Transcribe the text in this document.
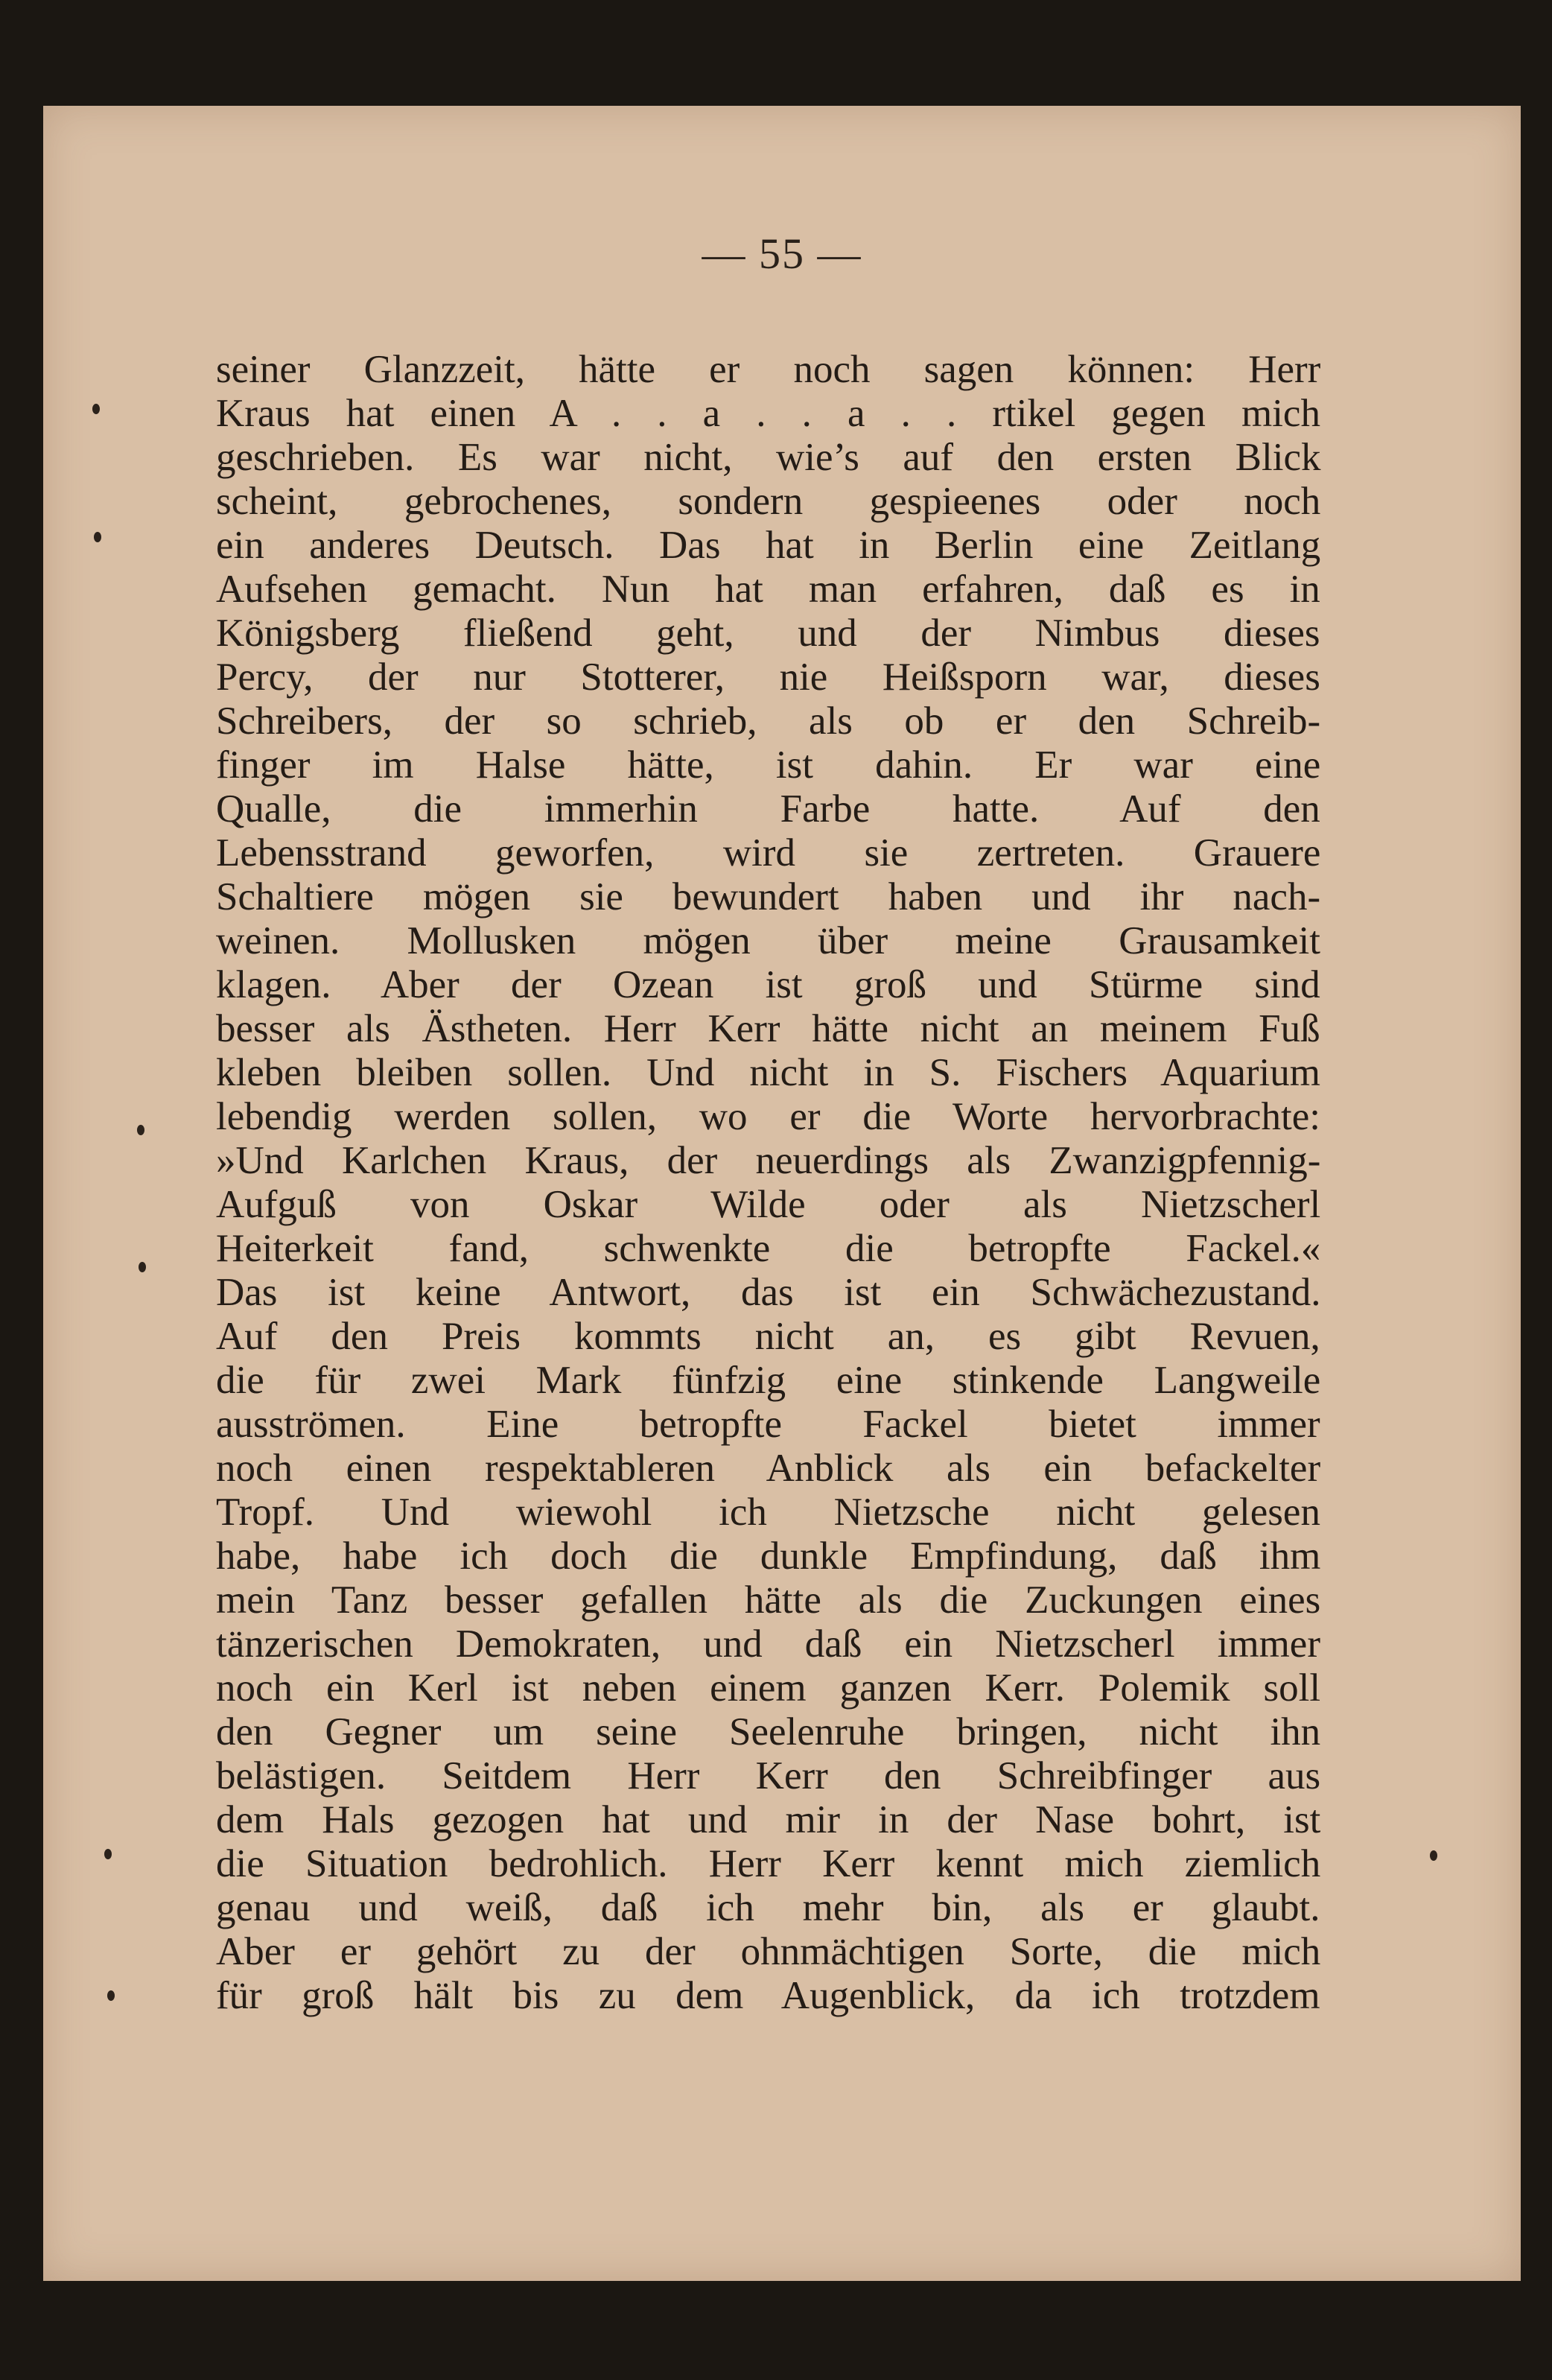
— 55 —
seiner Glanzzeit, hätte er noch sagen können: Herr
Kraus hat einen A . . a . . a . . rtikel gegen mich
geschrieben. Es war nicht, wie’s auf den ersten Blick
scheint, gebrochenes, sondern gespieenes oder noch
ein anderes Deutsch. Das hat in Berlin eine Zeitlang
Aufsehen gemacht. Nun hat man erfahren, daß es in
Königsberg fließend geht, und der Nimbus dieses
Percy, der nur Stotterer, nie Heißsporn war, dieses
Schreibers, der so schrieb, als ob er den Schreib-
finger im Halse hätte, ist dahin. Er war eine
Qualle, die immerhin Farbe hatte. Auf den
Lebensstrand geworfen, wird sie zertreten. Grauere
Schaltiere mögen sie bewundert haben und ihr nach-
weinen. Mollusken mögen über meine Grausamkeit
klagen. Aber der Ozean ist groß und Stürme sind
besser als Ästheten. Herr Kerr hätte nicht an meinem Fuß
kleben bleiben sollen. Und nicht in S. Fischers Aquarium
lebendig werden sollen, wo er die Worte hervorbrachte:
»Und Karlchen Kraus, der neuerdings als Zwanzigpfennig-
Aufguß von Oskar Wilde oder als Nietzscherl
Heiterkeit fand, schwenkte die betropfte Fackel.«
Das ist keine Antwort, das ist ein Schwächezustand.
Auf den Preis kommts nicht an, es gibt Revuen,
die für zwei Mark fünfzig eine stinkende Langweile
ausströmen. Eine betropfte Fackel bietet immer
noch einen respektableren Anblick als ein befackelter
Tropf. Und wiewohl ich Nietzsche nicht gelesen
habe, habe ich doch die dunkle Empfindung, daß ihm
mein Tanz besser gefallen hätte als die Zuckungen eines
tänzerischen Demokraten, und daß ein Nietzscherl immer
noch ein Kerl ist neben einem ganzen Kerr. Polemik soll
den Gegner um seine Seelenruhe bringen, nicht ihn
belästigen. Seitdem Herr Kerr den Schreibfinger aus
dem Hals gezogen hat und mir in der Nase bohrt, ist
die Situation bedrohlich. Herr Kerr kennt mich ziemlich
genau und weiß, daß ich mehr bin, als er glaubt.
Aber er gehört zu der ohnmächtigen Sorte, die mich
für groß hält bis zu dem Augenblick, da ich trotzdem
